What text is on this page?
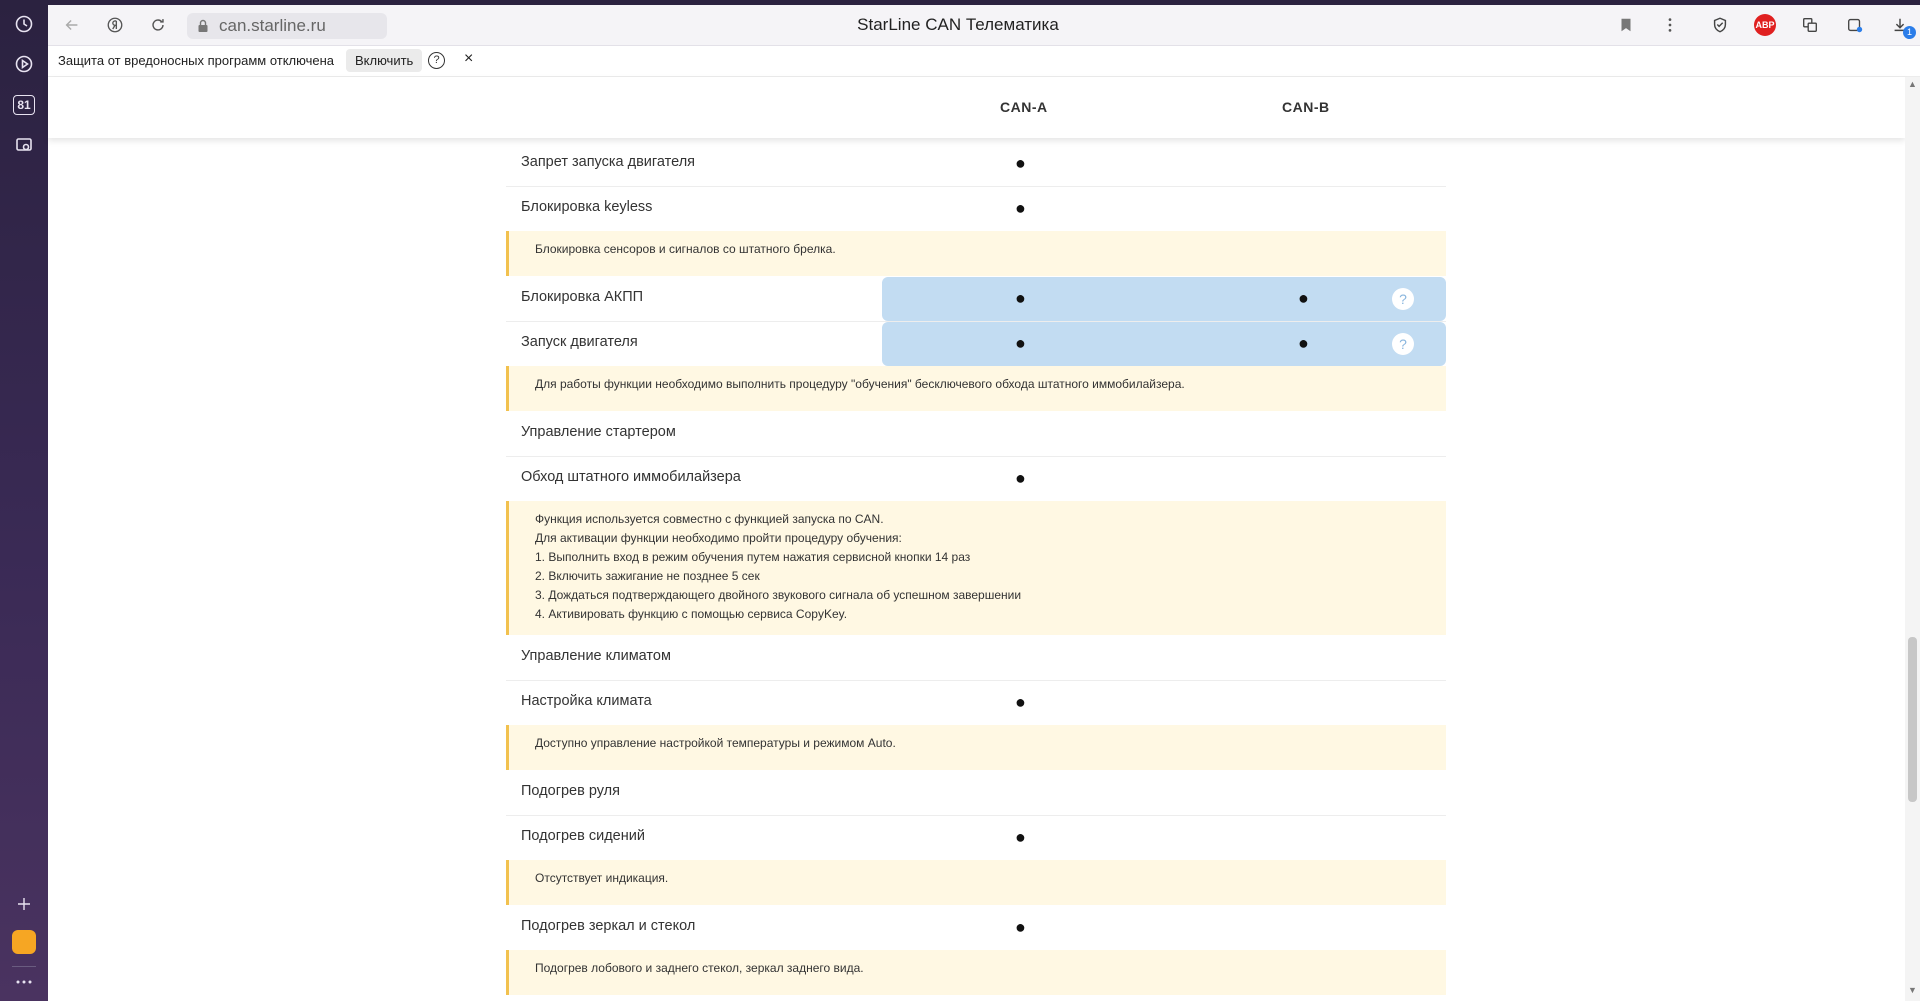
81
can.starline.ru	StarLine CAN Телематика	ABP
1
Защита от вредоносных программ отключена	Включить	?	×
CAN-A	CAN-B
Запрет запуска двигателя	●
Блокировка keyless	●
Блокировка сенсоров и сигналов со штатного брелка.
Блокировка АКПП	●	●	?
Запуск двигателя	●	●	?
Для работы функции необходимо выполнить процедуру "обучения" бесключевого обхода штатного иммобилайзера.
Управление стартером
Обход штатного иммобилайзера	●
Функция используется совместно с функцией запуска по CAN.
Для активации функции необходимо пройти процедуру обучения:
1. Выполнить вход в режим обучения путем нажатия сервисной кнопки 14 раз
2. Включить зажигание не позднее 5 сек
3. Дождаться подтверждающего двойного звукового сигнала об успешном завершении
4. Активировать функцию с помощью сервиса CopyKey.
Управление климатом
Настройка климата	●
Доступно управление настройкой температуры и режимом Auto.
Подогрев руля
Подогрев сидений	●
Отсутствует индикация.
Подогрев зеркал и стекол	●
Подогрев лобового и заднего стекол, зеркал заднего вида.
▲
▼
